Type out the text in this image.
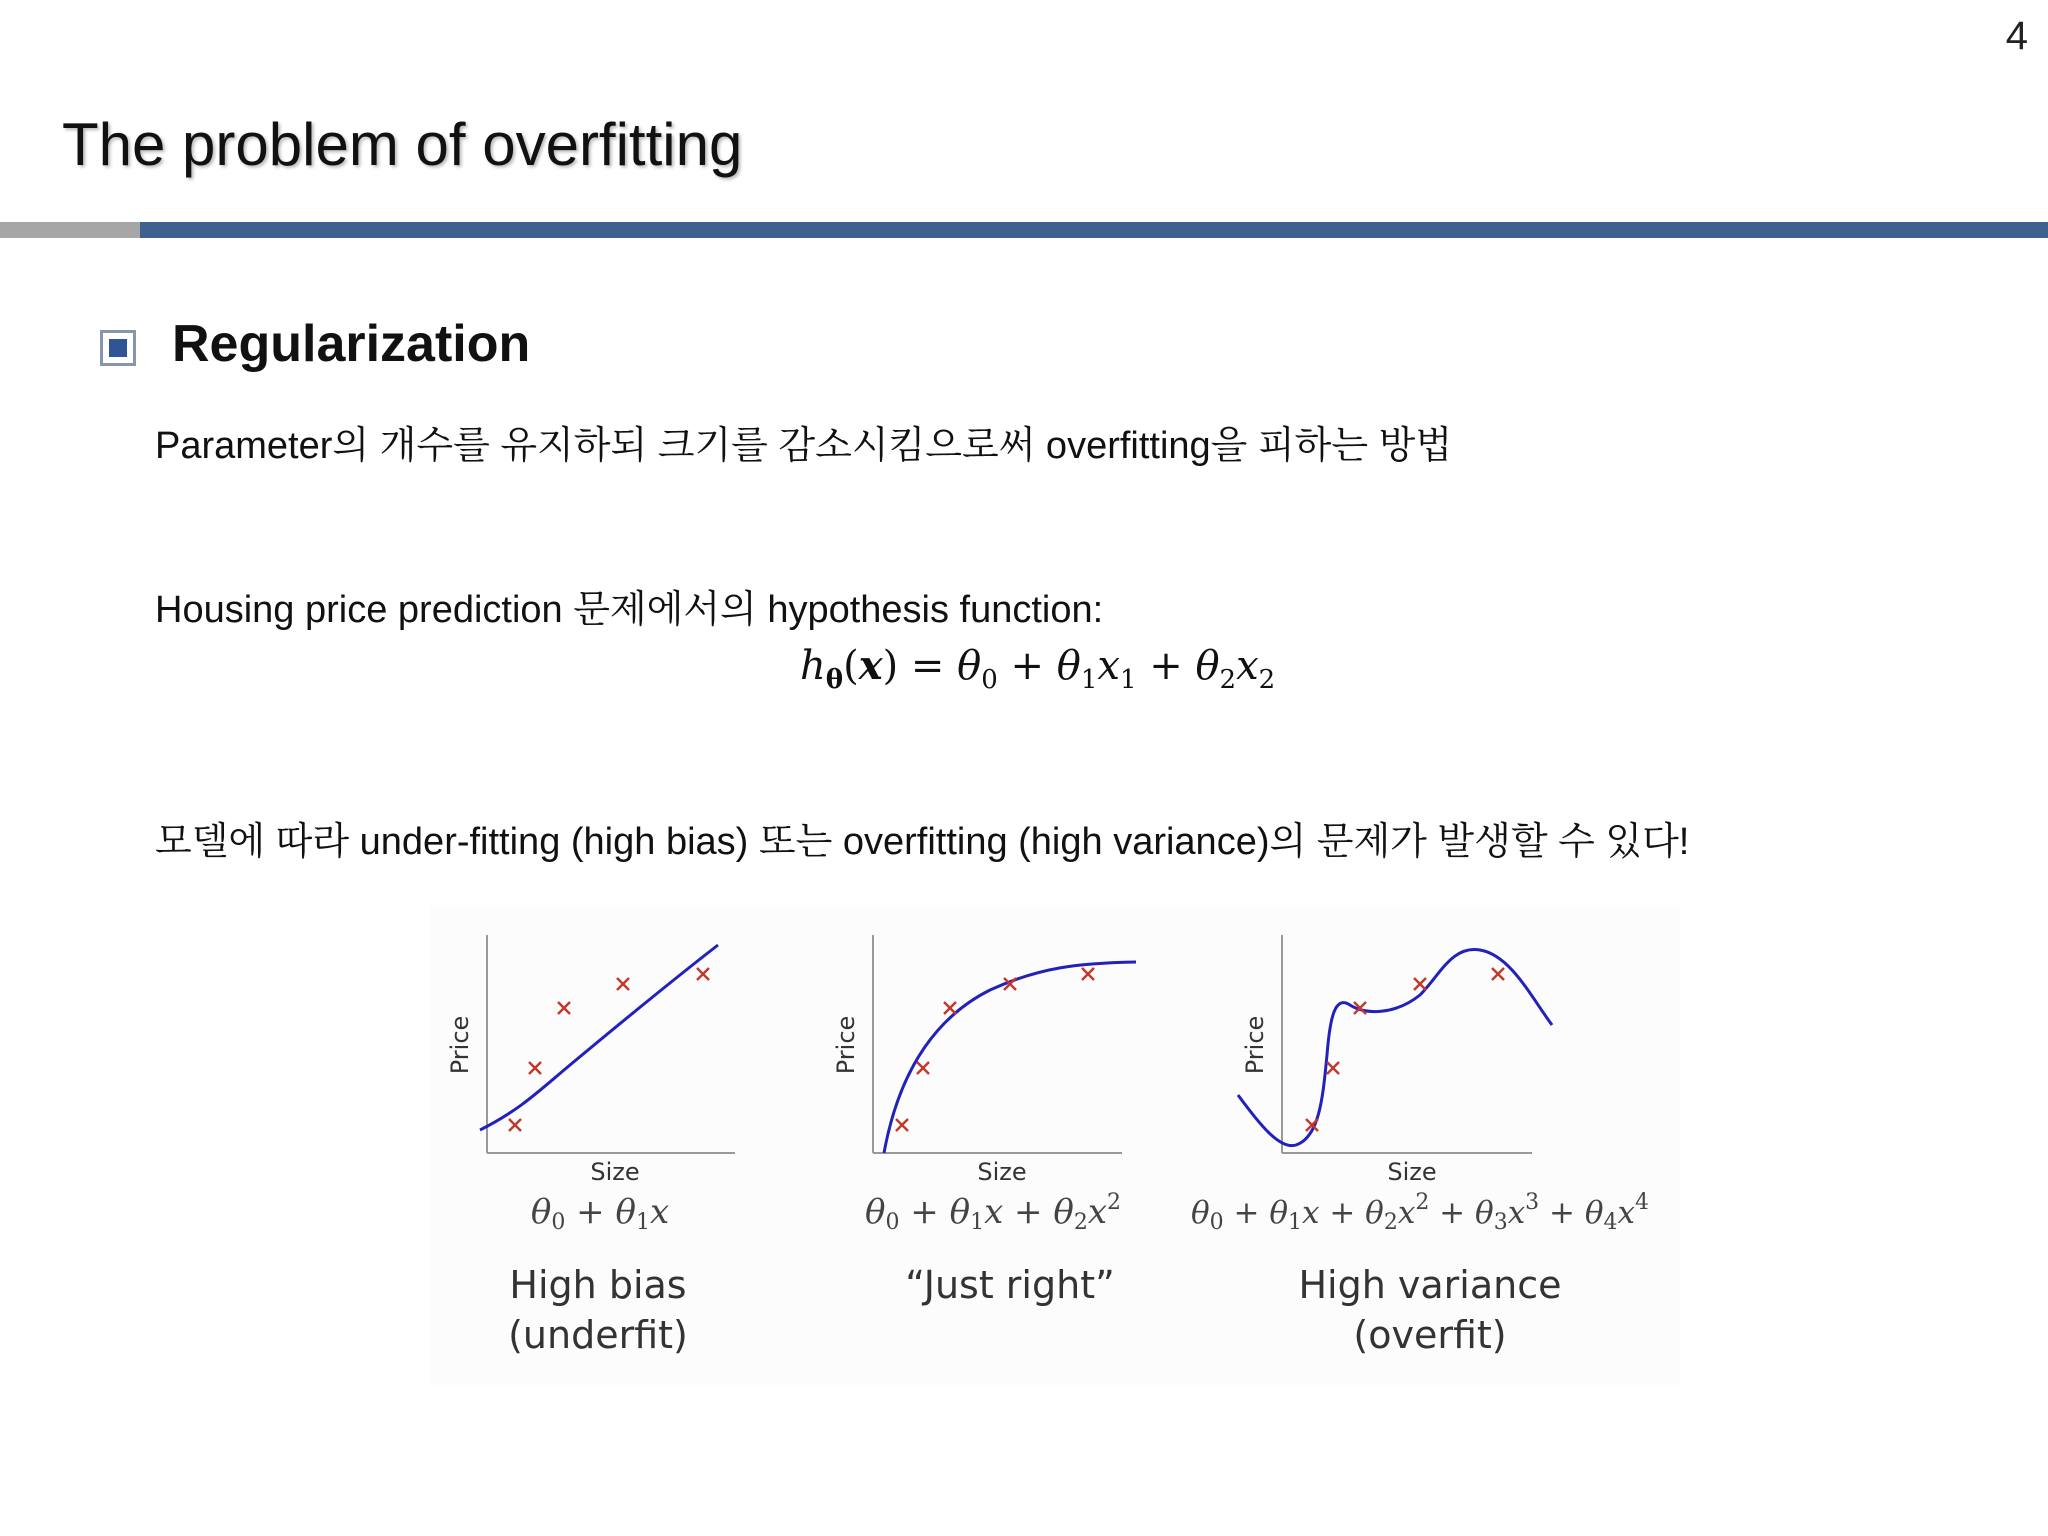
4
The problem of overfitting
Regularization

Parameter의 개수를 유지하되 크기를 감소시킴으로써 overfitting을 피하는 방법

Housing price prediction 문제에서의 hypothesis function:

$h_\theta(x) = \theta_0 + \theta_1x_1 + \theta_2x_2$

모델에 따라 under-fitting (high bias) 또는 overfitting (high variance)의 문제가 발생할 수 있다!

Price
Size
θ0 + θ1x
High bias
(underfit)
Price
Size
$\theta 0 + \theta 1x + \theta 2x^2$
“Just right”
Price
Size
$\theta 0 + \theta 1x + \theta 2x^2 + \theta 3x^3 + \theta 4x^4$
High variance
(overfit)
